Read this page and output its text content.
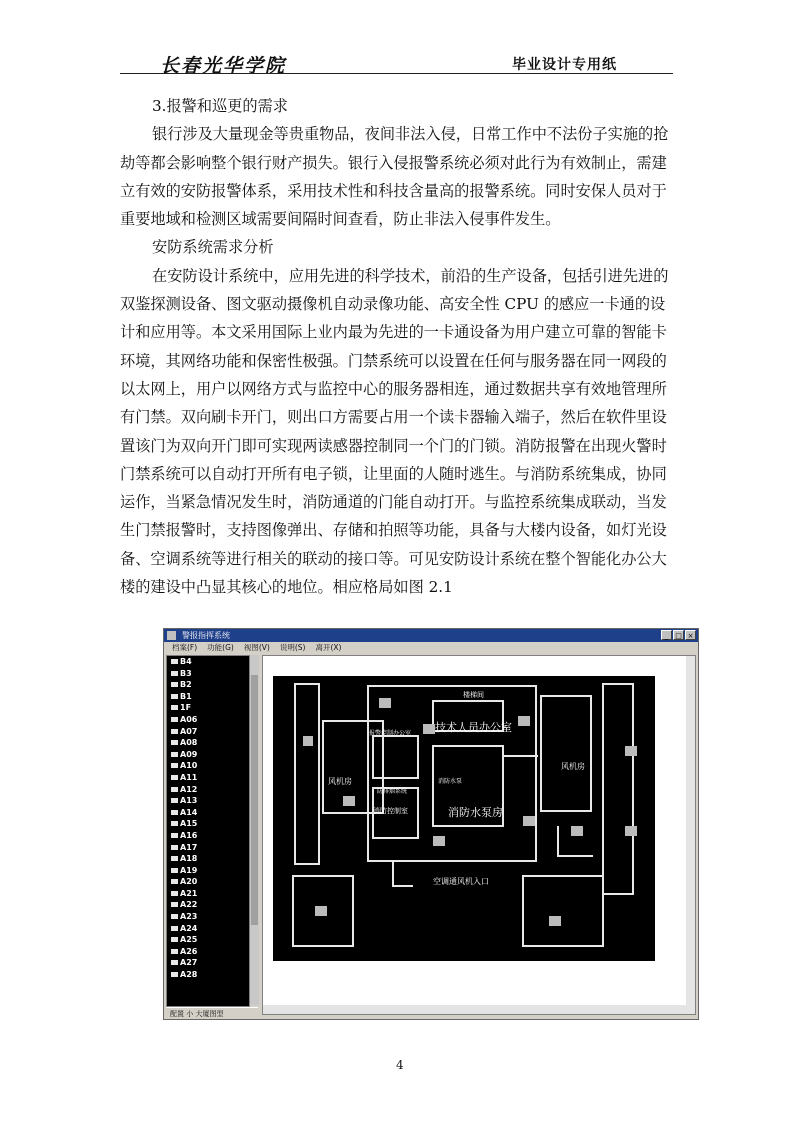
长春光华学院	毕业设计专用纸

3.报警和巡更的需求

银行涉及大量现金等贵重物品，夜间非法入侵，日常工作中不法份子实施的抢劫等都会影响整个银行财产损失。银行入侵报警系统必须对此行为有效制止，需建立有效的安防报警体系，采用技术性和科技含量高的报警系统。同时安保人员对于重要地域和检测区域需要间隔时间查看，防止非法入侵事件发生。

安防系统需求分析

在安防设计系统中，应用先进的科学技术，前沿的生产设备，包括引进先进的双鉴探测设备、图文驱动摄像机自动录像功能、高安全性 CPU 的感应一卡通的设计和应用等。本文采用国际上业内最为先进的一卡通设备为用户建立可靠的智能卡环境，其网络功能和保密性极强。门禁系统可以设置在任何与服务器在同一网段的以太网上，用户以网络方式与监控中心的服务器相连，通过数据共享有效地管理所有门禁。双向刷卡开门，则出口方需要占用一个读卡器输入端子，然后在软件里设置该门为双向开门即可实现两读感器控制同一个门的门锁。消防报警在出现火警时门禁系统可以自动打开所有电子锁，让里面的人随时逃生。与消防系统集成，协同运作，当紧急情况发生时，消防通道的门能自动打开。与监控系统集成联动，当发生门禁报警时，支持图像弹出、存储和拍照等功能，具备与大楼内设备，如灯光设备、空调系统等进行相关的联动的接口等。可见安防设计系统在整个智能化办公大楼的建设中凸显其核心的地位。相应格局如图 2.1

警报指挥系统	_ □ ×
档案(F) 功能(G) 视图(V) 说明(S) 离开(X)
B4
B3
B2
B1
1F
A06
A07
A08
A09
A10
A11
A12
A13
A14
A15
A16
A17
A18
A19
A20
A21
A22
A23
A24
A25
A26
A27
A28
配置 小 大厦图型
技术人员办公室
消防水泵房
风机房
风机房
消防控制室
楼梯间
报警控制办公室
防排烟系统
消防水泵
空调通风机入口
4
